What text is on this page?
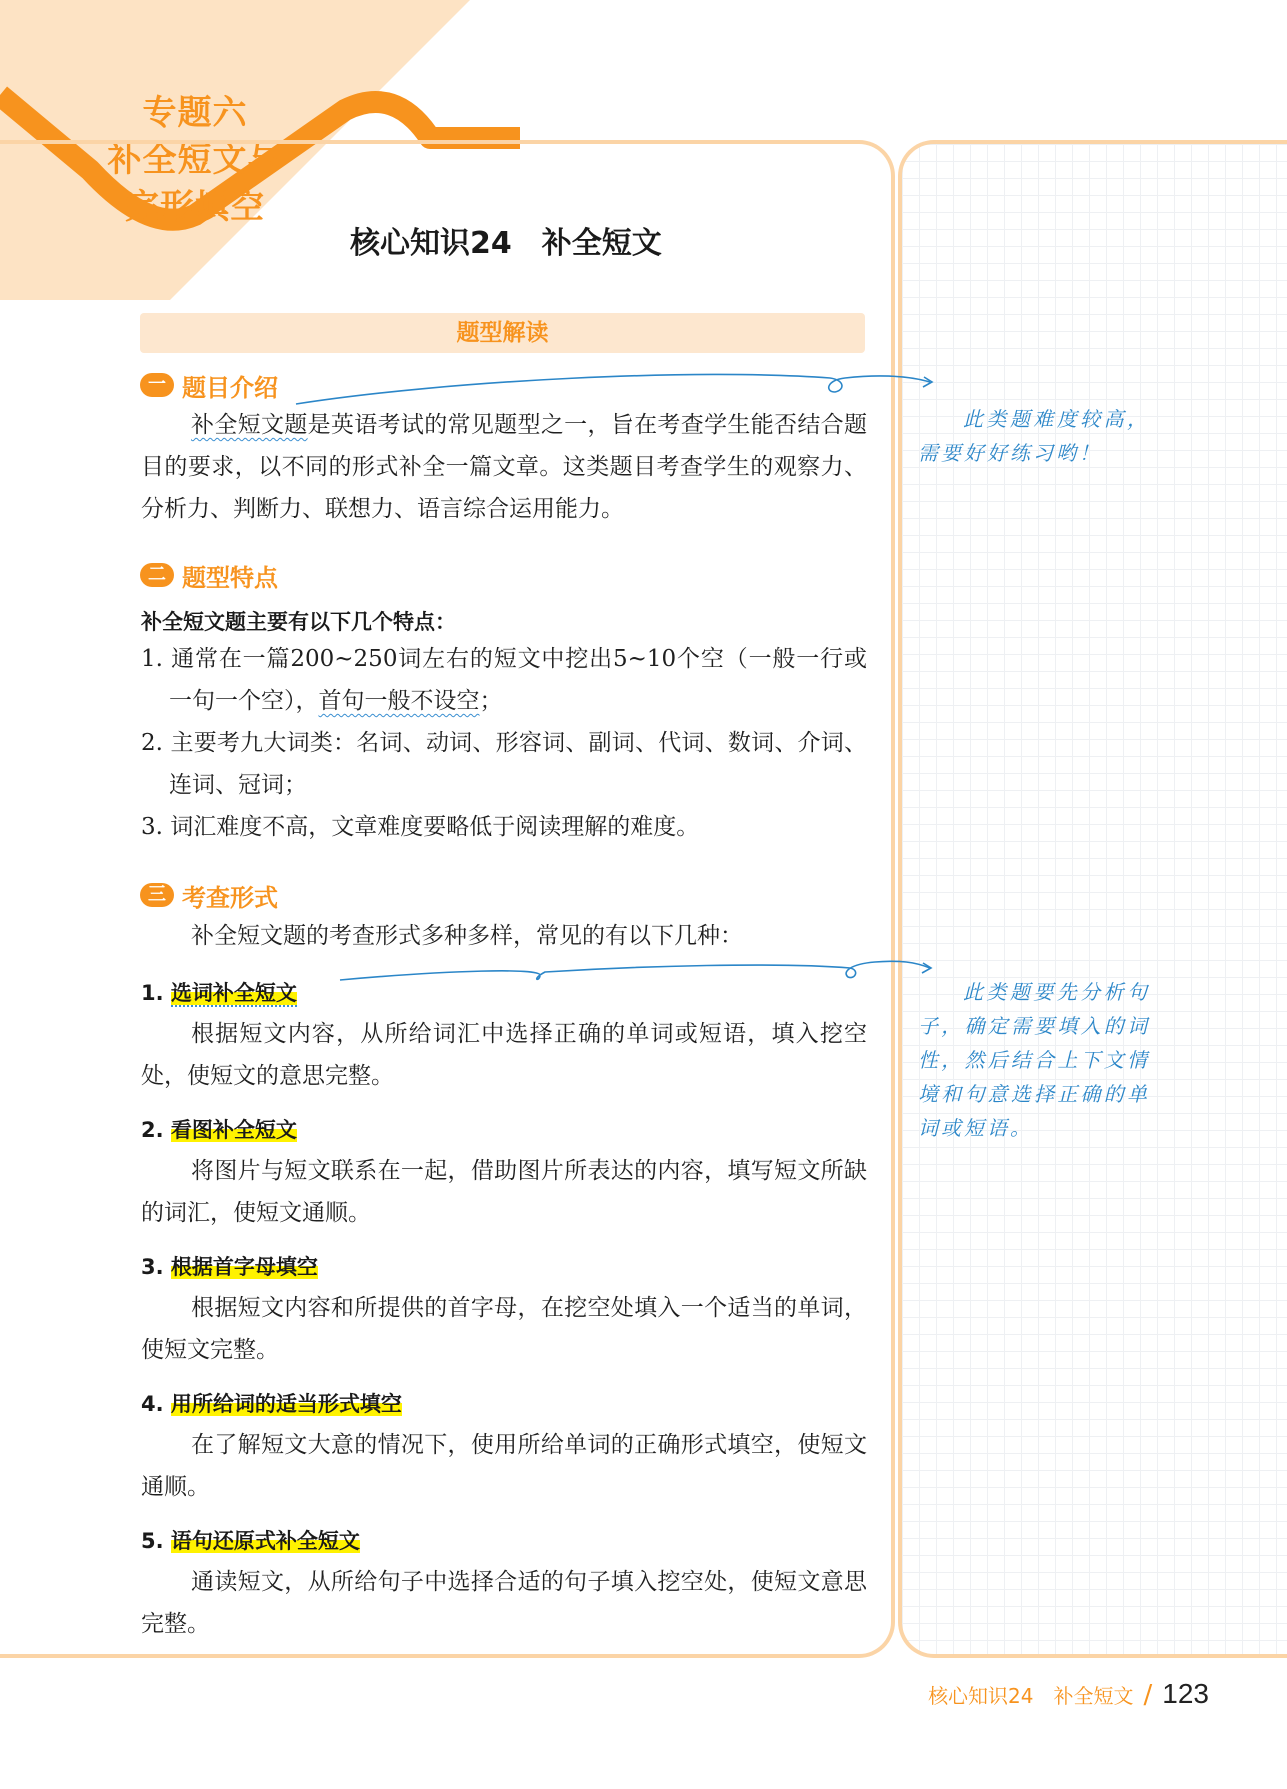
专题六
补全短文与
完形填空
核心知识24　补全短文
题型解读
一 题目介绍

补全短文题是英语考试的常见题型之一，旨在考查学生能否结合题目的要求，以不同的形式补全一篇文章。这类题目考查学生的观察力、分析力、判断力、联想力、语言综合运用能力。

二 题型特点
补全短文题主要有以下几个特点：
1. 通常在一篇200~250词左右的短文中挖出5~10个空（一般一行或一句一个空），首句一般不设空；
2. 主要考九大词类：名词、动词、形容词、副词、代词、数词、介词、连词、冠词；
3. 词汇难度不高，文章难度要略低于阅读理解的难度。
三 考查形式

补全短文题的考查形式多种多样，常见的有以下几种：

1. 选词补全短文

根据短文内容，从所给词汇中选择正确的单词或短语，填入挖空处，使短文的意思完整。

2. 看图补全短文

将图片与短文联系在一起，借助图片所表达的内容，填写短文所缺的词汇，使短文通顺。

3. 根据首字母填空

根据短文内容和所提供的首字母，在挖空处填入一个适当的单词，使短文完整。

4. 用所给词的适当形式填空

在了解短文大意的情况下，使用所给单词的正确形式填空，使短文通顺。

5. 语句还原式补全短文

通读短文，从所给句子中选择合适的句子填入挖空处，使短文意思完整。

此类题难度较高，需要好好练习哟！
此类题要先分析句子，确定需要填入的词性，然后结合上下文情境和句意选择正确的单词或短语。
核心知识24　补全短文 / 123
